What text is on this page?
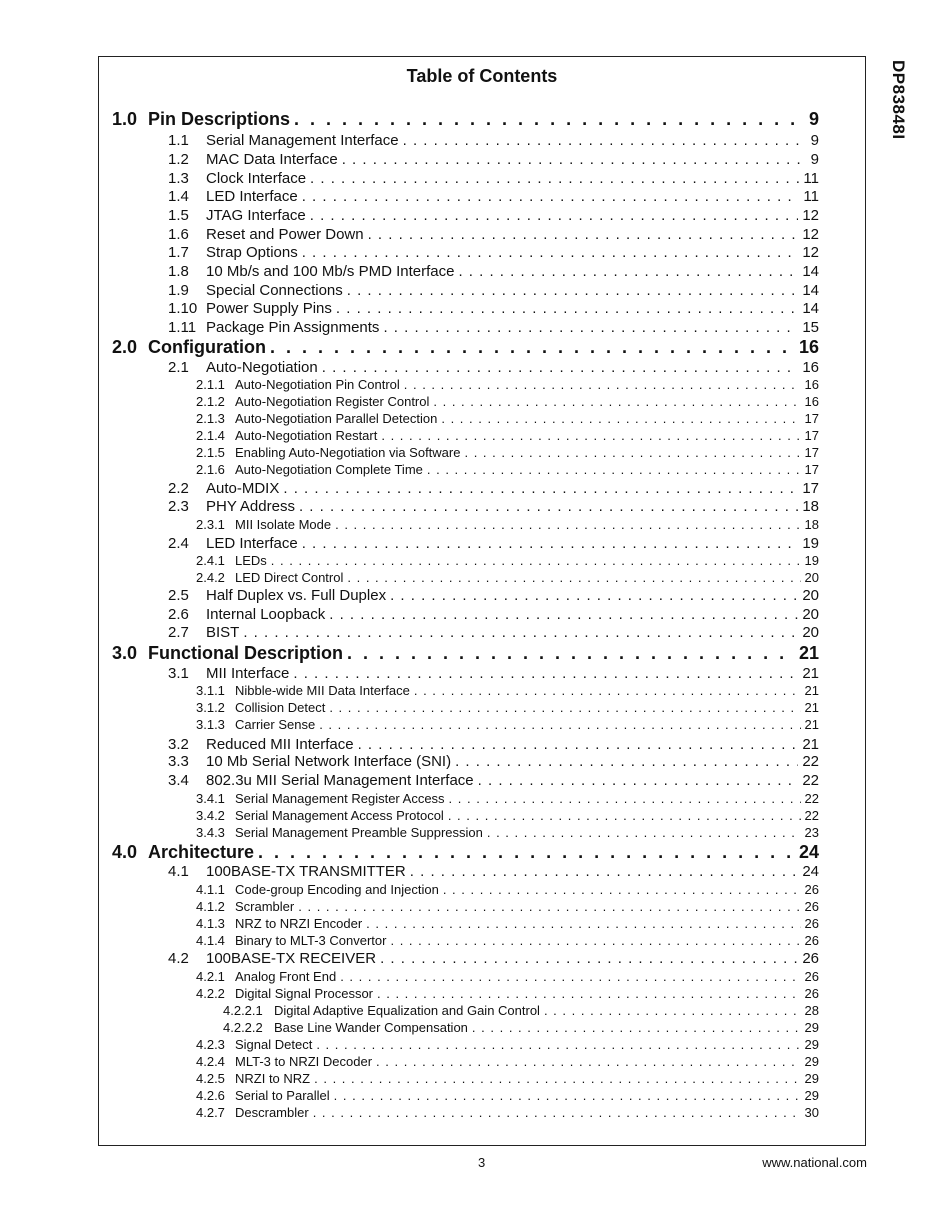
DP83848I
Table of Contents
1.0 Pin Descriptions . . .	9
1.1	Serial Management Interface . . .	9
1.2	MAC Data Interface . . .	9
1.3	Clock Interface . . .	11
1.4	LED Interface . . .	11
1.5	JTAG Interface . . .	12
1.6	Reset and Power Down . . .	12
1.7	Strap Options . . .	12
1.8	10 Mb/s and 100 Mb/s PMD Interface . . .	14
1.9	Special Connections . . .	14
1.10 Power Supply Pins . . .	14
1.11 Package Pin Assignments . . .	15
2.0 Configuration . . .	16
2.1	Auto-Negotiation . . .	16
2.1.1 Auto-Negotiation Pin Control . . .	16
2.1.2 Auto-Negotiation Register Control . . .	16
2.1.3 Auto-Negotiation Parallel Detection . . .	17
2.1.4 Auto-Negotiation Restart . . .	17
2.1.5 Enabling Auto-Negotiation via Software . . .	17
2.1.6 Auto-Negotiation Complete Time . . .	17
2.2	Auto-MDIX . . .	17
2.3	PHY Address . . .	18
2.3.1 MII Isolate Mode . . .	18
2.4	LED Interface . . .	19
2.4.1 LEDs . . .	19
2.4.2 LED Direct Control . . .	20
2.5	Half Duplex vs. Full Duplex . . .	20
2.6	Internal Loopback . . .	20
2.7	BIST . . .	20
3.0 Functional Description . . .	21
3.1	MII Interface . . .	21
3.1.1 Nibble-wide MII Data Interface . . .	21
3.1.2 Collision Detect . . .	21
3.1.3 Carrier Sense . . .	21
3.2	Reduced MII Interface . . .	21
3.3	10 Mb Serial Network Interface (SNI) . . .	22
3.4	802.3u MII Serial Management Interface . . .	22
3.4.1 Serial Management Register Access . . .	22
3.4.2 Serial Management Access Protocol . . .	22
3.4.3 Serial Management Preamble Suppression . . .	23
4.0 Architecture . . .	24
4.1	100BASE-TX TRANSMITTER . . .	24
4.1.1 Code-group Encoding and Injection . . .	26
4.1.2 Scrambler . . .	26
4.1.3 NRZ to NRZI Encoder . . .	26
4.1.4 Binary to MLT-3 Convertor . . .	26
4.2	100BASE-TX RECEIVER . . .	26
4.2.1 Analog Front End . . .	26
4.2.2 Digital Signal Processor . . .	26
4.2.2.1 Digital Adaptive Equalization and Gain Control . . .	28
4.2.2.2 Base Line Wander Compensation . . .	29
4.2.3 Signal Detect . . .	29
4.2.4 MLT-3 to NRZI Decoder . . .	29
4.2.5 NRZI to NRZ . . .	29
4.2.6 Serial to Parallel . . .	29
4.2.7 Descrambler . . .	30
3	www.national.com
